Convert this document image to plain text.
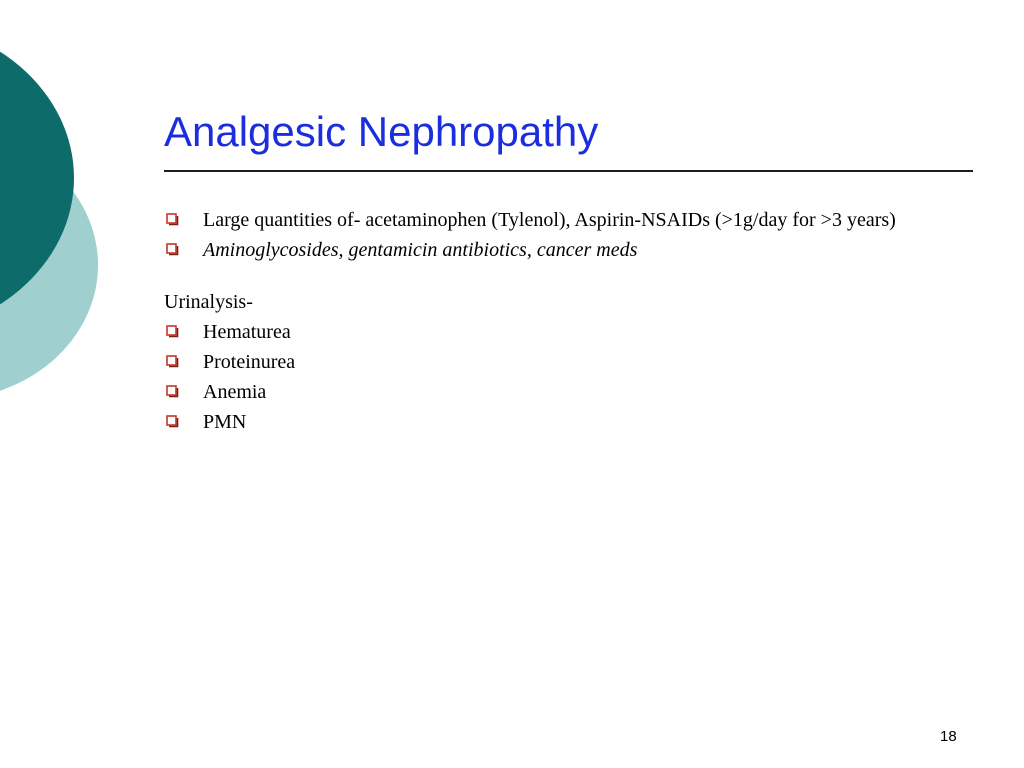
Analgesic Nephropathy
Large quantities of- acetaminophen (Tylenol), Aspirin-NSAIDs (>1g/day for >3 years)
Aminoglycosides, gentamicin antibiotics, cancer meds
Urinalysis-
Hematurea
Proteinurea
Anemia
PMN
18
